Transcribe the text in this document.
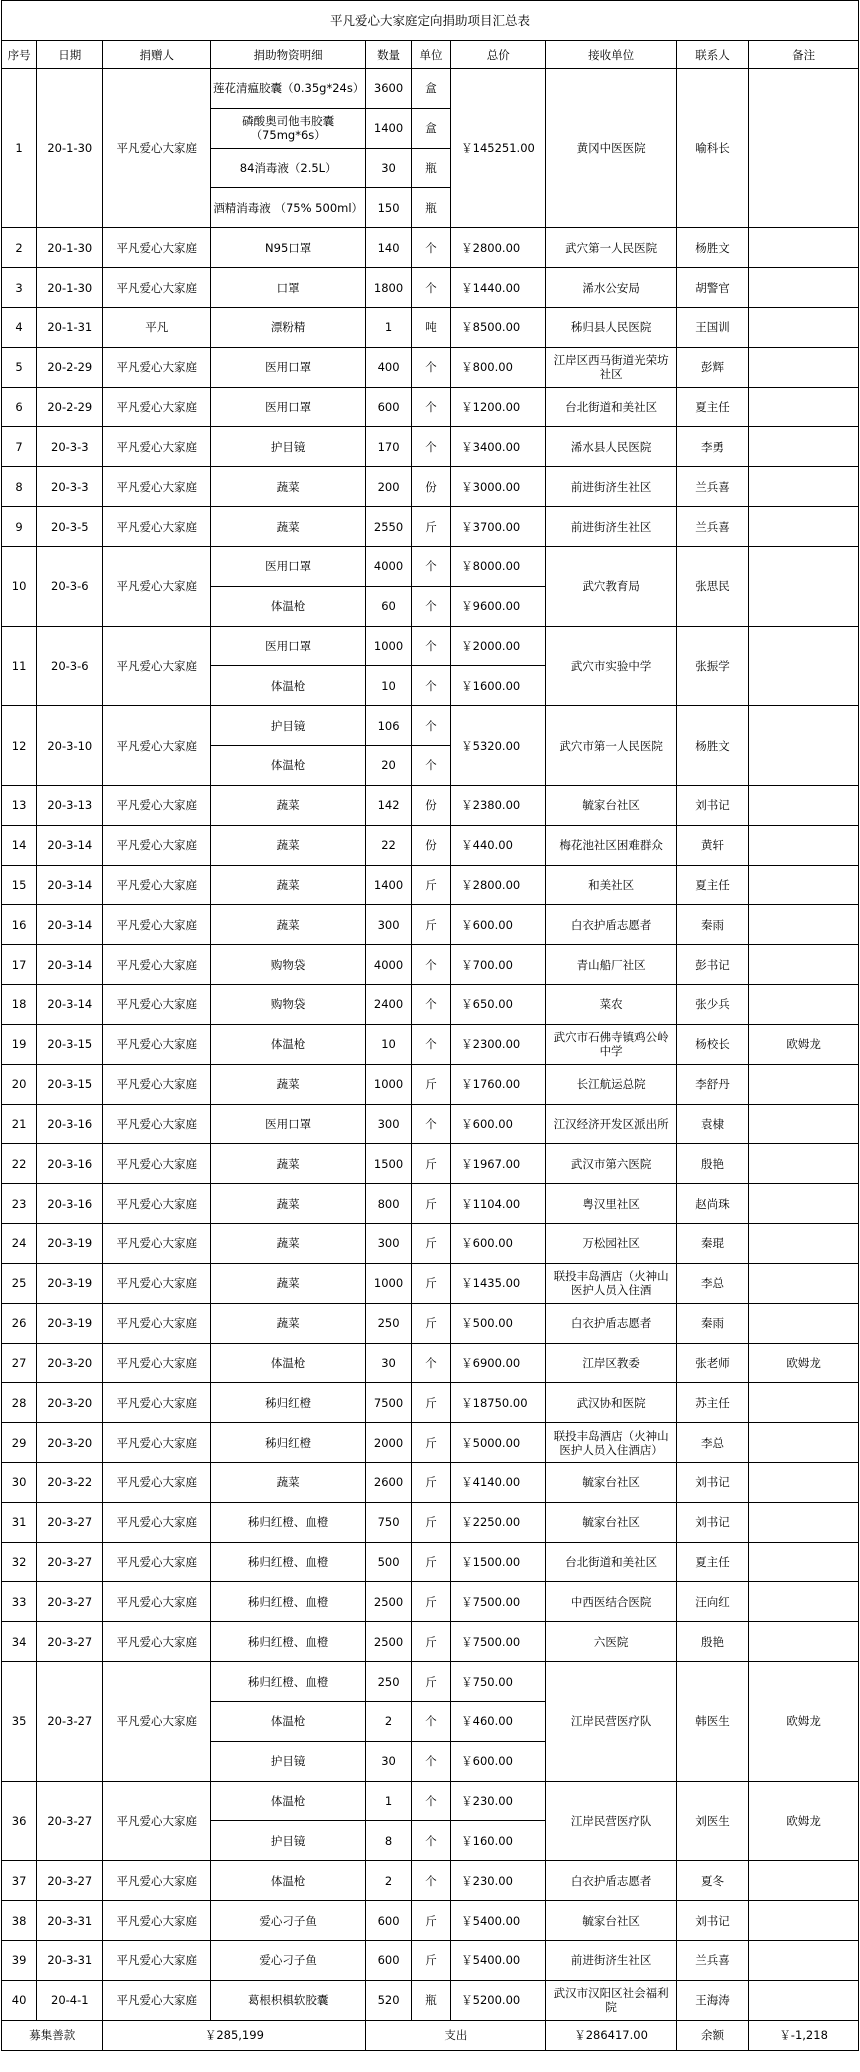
平凡爱心大家庭定向捐助项目汇总表									
序号	日期	捐赠人	捐助物资明细	数量	单位	总价	接收单位	联系人	备注
1	20-1-30	平凡爱心大家庭	莲花清瘟胶囊（0.35g*24s）	3600	盒	￥145251.00	黄冈中医医院	喻科长	
			磷酸奥司他韦胶囊（75mg*6s）	1400	盒				
			84消毒液（2.5L）	30	瓶				
			酒精消毒液 （75% 500ml）	150	瓶				
2	20-1-30	平凡爱心大家庭	N95口罩	140	个	￥2800.00	武穴第一人民医院	杨胜文	
3	20-1-30	平凡爱心大家庭	口罩	1800	个	￥1440.00	浠水公安局	胡警官	
4	20-1-31	平凡	漂粉精	1	吨	￥8500.00	秭归县人民医院	王国训	
5	20-2-29	平凡爱心大家庭	医用口罩	400	个	￥800.00	江岸区西马街道光荣坊社区	彭辉	
6	20-2-29	平凡爱心大家庭	医用口罩	600	个	￥1200.00	台北街道和美社区	夏主任	
7	20-3-3	平凡爱心大家庭	护目镜	170	个	￥3400.00	浠水县人民医院	李勇	
8	20-3-3	平凡爱心大家庭	蔬菜	200	份	￥3000.00	前进街济生社区	兰兵喜	
9	20-3-5	平凡爱心大家庭	蔬菜	2550	斤	￥3700.00	前进街济生社区	兰兵喜	
10	20-3-6	平凡爱心大家庭	医用口罩	4000	个	￥8000.00	武穴教育局	张思民	
			体温枪	60	个	￥9600.00			
11	20-3-6	平凡爱心大家庭	医用口罩	1000	个	￥2000.00	武穴市实验中学	张振学	
			体温枪	10	个	￥1600.00			
12	20-3-10	平凡爱心大家庭	护目镜	106	个	￥5320.00	武穴市第一人民医院	杨胜文	
			体温枪	20	个				
13	20-3-13	平凡爱心大家庭	蔬菜	142	份	￥2380.00	毓家台社区	刘书记	
14	20-3-14	平凡爱心大家庭	蔬菜	22	份	￥440.00	梅花池社区困难群众	黄轩	
15	20-3-14	平凡爱心大家庭	蔬菜	1400	斤	￥2800.00	和美社区	夏主任	
16	20-3-14	平凡爱心大家庭	蔬菜	300	斤	￥600.00	白衣护盾志愿者	秦雨	
17	20-3-14	平凡爱心大家庭	购物袋	4000	个	￥700.00	青山船厂社区	彭书记	
18	20-3-14	平凡爱心大家庭	购物袋	2400	个	￥650.00	菜农	张少兵	
19	20-3-15	平凡爱心大家庭	体温枪	10	个	￥2300.00	武穴市石佛寺镇鸡公岭中学	杨校长	欧姆龙
20	20-3-15	平凡爱心大家庭	蔬菜	1000	斤	￥1760.00	长江航运总院	李舒丹	
21	20-3-16	平凡爱心大家庭	医用口罩	300	个	￥600.00	江汉经济开发区派出所	袁棣	
22	20-3-16	平凡爱心大家庭	蔬菜	1500	斤	￥1967.00	武汉市第六医院	殷艳	
23	20-3-16	平凡爱心大家庭	蔬菜	800	斤	￥1104.00	粤汉里社区	赵尚珠	
24	20-3-19	平凡爱心大家庭	蔬菜	300	斤	￥600.00	万松园社区	秦琨	
25	20-3-19	平凡爱心大家庭	蔬菜	1000	斤	￥1435.00	联投丰岛酒店（火神山医护人员入住酒	李总	
26	20-3-19	平凡爱心大家庭	蔬菜	250	斤	￥500.00	白衣护盾志愿者	秦雨	
27	20-3-20	平凡爱心大家庭	体温枪	30	个	￥6900.00	江岸区教委	张老师	欧姆龙
28	20-3-20	平凡爱心大家庭	秭归红橙	7500	斤	￥18750.00	武汉协和医院	苏主任	
29	20-3-20	平凡爱心大家庭	秭归红橙	2000	斤	￥5000.00	联投丰岛酒店（火神山医护人员入住酒店）	李总	
30	20-3-22	平凡爱心大家庭	蔬菜	2600	斤	￥4140.00	毓家台社区	刘书记	
31	20-3-27	平凡爱心大家庭	秭归红橙、血橙	750	斤	￥2250.00	毓家台社区	刘书记	
32	20-3-27	平凡爱心大家庭	秭归红橙、血橙	500	斤	￥1500.00	台北街道和美社区	夏主任	
33	20-3-27	平凡爱心大家庭	秭归红橙、血橙	2500	斤	￥7500.00	中西医结合医院	汪向红	
34	20-3-27	平凡爱心大家庭	秭归红橙、血橙	2500	斤	￥7500.00	六医院	殷艳	
35	20-3-27	平凡爱心大家庭	秭归红橙、血橙	250	斤	￥750.00	江岸民营医疗队	韩医生	欧姆龙
			体温枪	2	个	￥460.00			
			护目镜	30	个	￥600.00			
36	20-3-27	平凡爱心大家庭	体温枪	1	个	￥230.00	江岸民营医疗队	刘医生	欧姆龙
			护目镜	8	个	￥160.00			
37	20-3-27	平凡爱心大家庭	体温枪	2	个	￥230.00	白衣护盾志愿者	夏冬	
38	20-3-31	平凡爱心大家庭	爱心刁子鱼	600	斤	￥5400.00	毓家台社区	刘书记	
39	20-3-31	平凡爱心大家庭	爱心刁子鱼	600	斤	￥5400.00	前进街济生社区	兰兵喜	
40	20-4-1	平凡爱心大家庭	葛根枳椇软胶囊	520	瓶	￥5200.00	武汉市汉阳区社会福利院	王海涛	
募集善款		￥285,199		支出			￥286417.00	余额	￥-1,218
